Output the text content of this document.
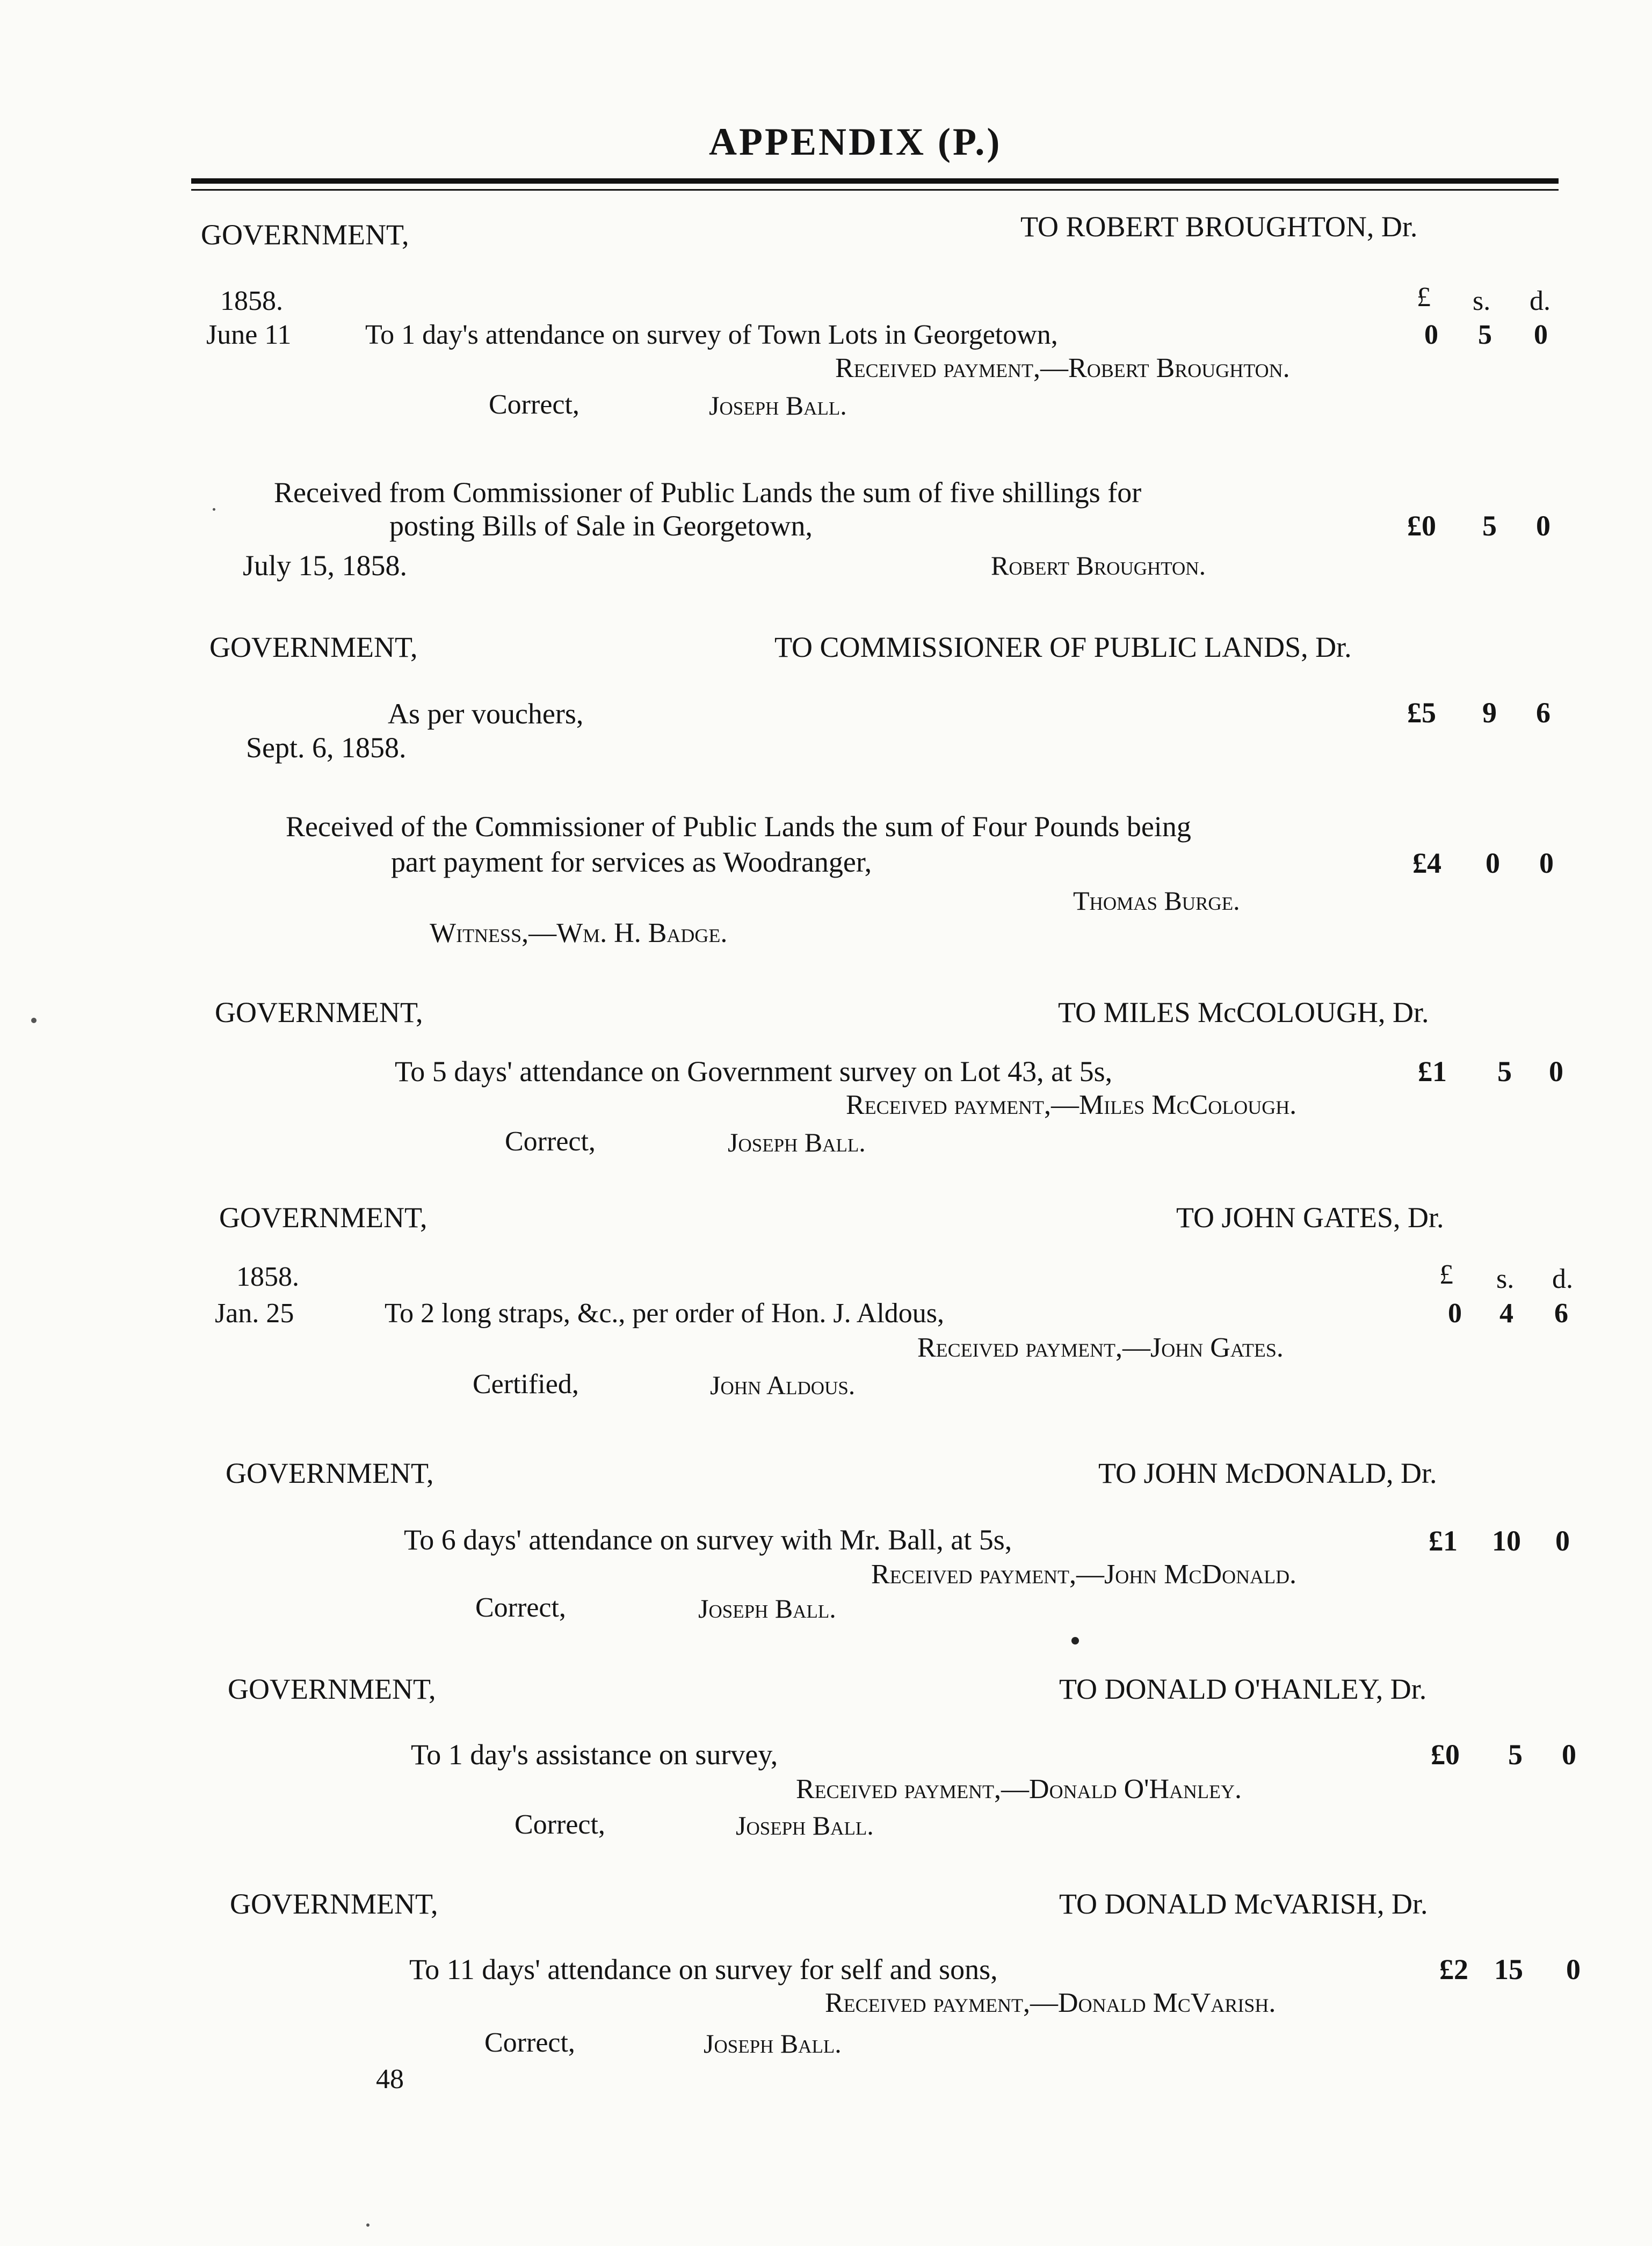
APPENDIX (P.)
GOVERNMENT,	TO ROBERT BROUGHTON, Dr.
1858.	£ s. d.
June 11	To 1 day's attendance on survey of Town Lots in Georgetown,	0 5 0
Received payment,—Robert Broughton.
Correct,	Joseph Ball.
Received from Commissioner of Public Lands the sum of five shillings for
posting Bills of Sale in Georgetown,	£0 5 0
July 15, 1858.	Robert Broughton.
GOVERNMENT,	TO COMMISSIONER OF PUBLIC LANDS, Dr.
As per vouchers,	£5 9 6
Sept. 6, 1858.
Received of the Commissioner of Public Lands the sum of Four Pounds being
part payment for services as Woodranger,	£4 0 0
Thomas Burge.
Witness,—Wm. H. Badge.
GOVERNMENT,	TO MILES McCOLOUGH, Dr.
To 5 days' attendance on Government survey on Lot 43, at 5s,	£1 5 0
Received payment,—Miles McColough.
Correct,	Joseph Ball.
GOVERNMENT,	TO JOHN GATES, Dr.
1858.	£ s. d.
Jan. 25	To 2 long straps, &c., per order of Hon. J. Aldous,	0 4 6
Received payment,—John Gates.
Certified,	John Aldous.
GOVERNMENT,	TO JOHN McDONALD, Dr.
To 6 days' attendance on survey with Mr. Ball, at 5s,	£1 10 0
Received payment,—John McDonald.
Correct,	Joseph Ball.
GOVERNMENT,	TO DONALD O'HANLEY, Dr.
To 1 day's assistance on survey,	£0 5 0
Received payment,—Donald O'Hanley.
Correct,	Joseph Ball.
GOVERNMENT,	TO DONALD McVARISH, Dr.
To 11 days' attendance on survey for self and sons,	£2 15 0
Received payment,—Donald McVarish.
Correct,	Joseph Ball.
48
